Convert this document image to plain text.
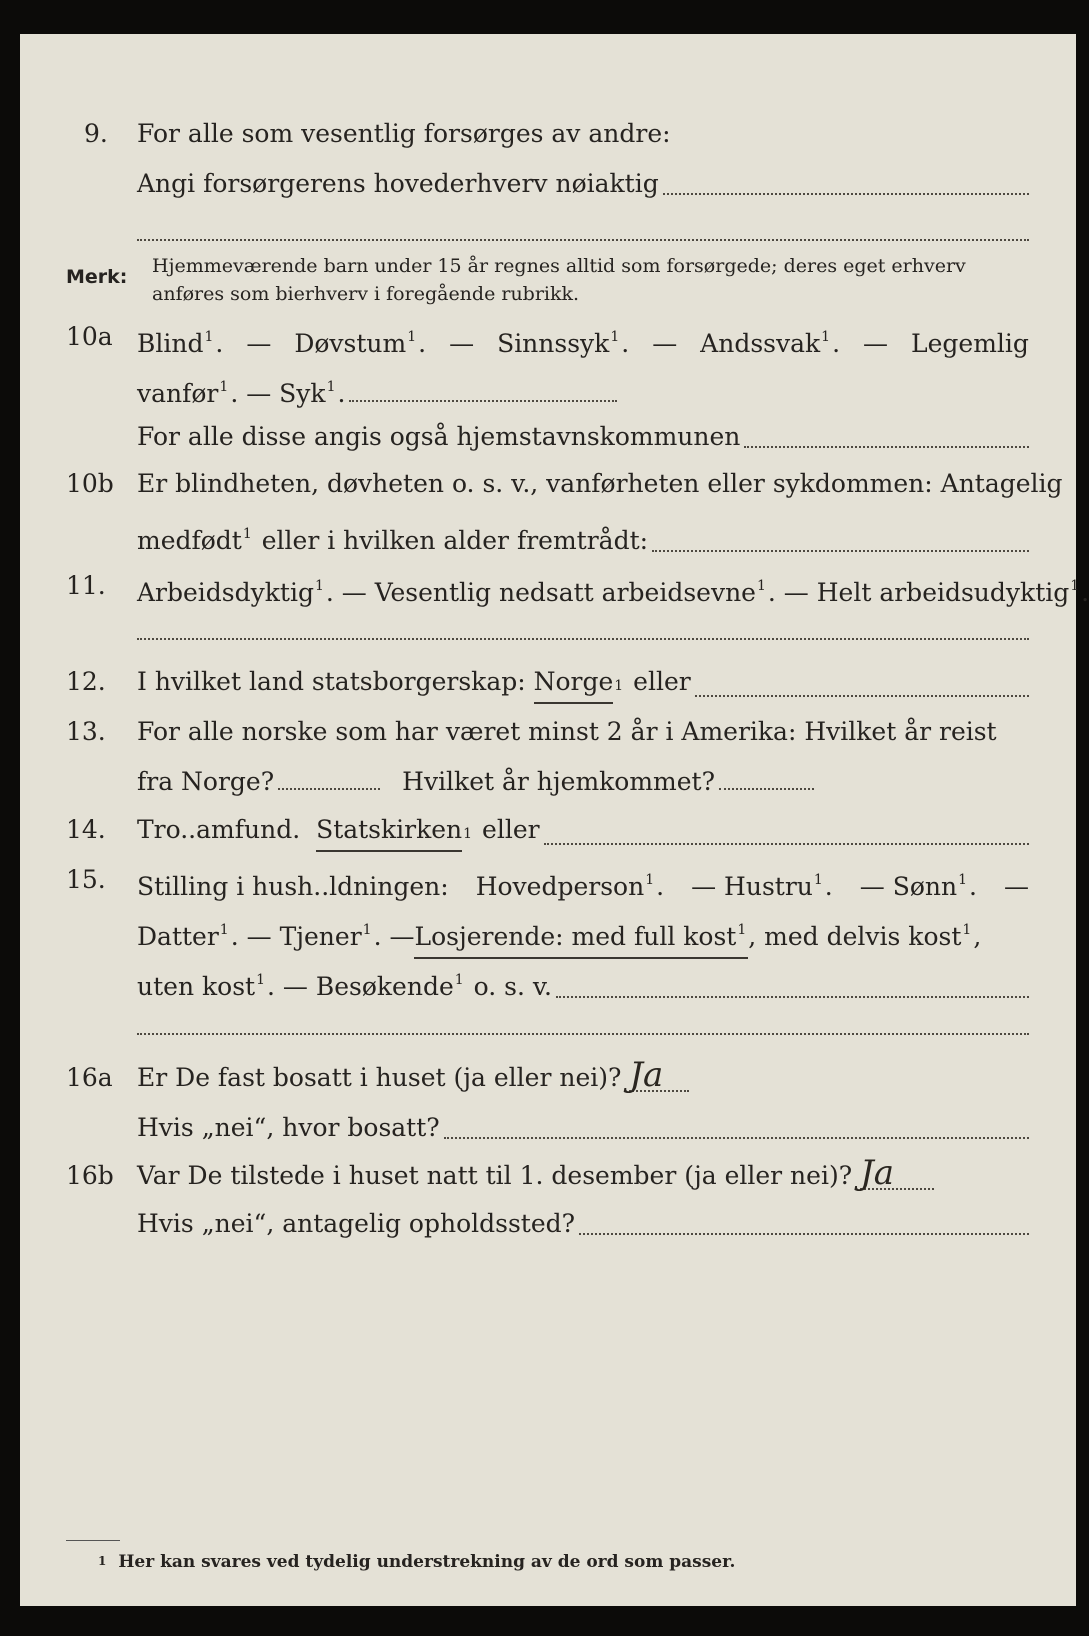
9. For alle som vesentlig forsørges av andre:
Angi forsørgerens hovederhverv nøiaktig
Merk: Hjemmeværende barn under 15 år regnes alltid som forsørgede; deres eget erhverv
anføres som bierhverv i foregående rubrikk.
10a Blind$^1$. — Døvstum$^1$. — Sinnssyk$^1$. — Andssvak$^1$. — Legemlig
vanfør$^1$.
— Syk$^1$.
For alle disse angis også hjemstavnskommunen
10b Er blindheten, døvheten o. s. v., vanførheten eller sykdommen: Antagelig
medfødt$^1$
eller i hvilken alder fremtrådt:
11. Arbeidsdyktig$^1$.
— Vesentlig nedsatt arbeidsevne$^1$.
— Helt arbeidsudyktig$^1$.
12. I hvilket land statsborgerskap:
Norge 1
eller
13. For alle norske som har været minst 2 år i Amerika: Hvilket år reist
fra Norge?	Hvilket år hjemkommet?
14. Tro..amfund.
Statskirken 1
eller
15. Stilling i hush..ldningen: Hovedperson$^1$. — Hustru$^1$. — Sønn$^1$. —
Datter$^1$.
— Tjener$^1$.
— Losjerende: med full kost$^1$ , med delvis kost$^1$,
uten kost$^1$.
— Besøkende$^1$
o. s. v.
16a Er De fast bosatt i huset (ja eller nei)? Ja
Hvis „nei“, hvor bosatt?
16b Var De tilstede i huset natt til 1. desember (ja eller nei)? Ja
Hvis „nei“, antagelig opholdssted?
1 Her kan svares ved tydelig understrekning av de ord som passer.
